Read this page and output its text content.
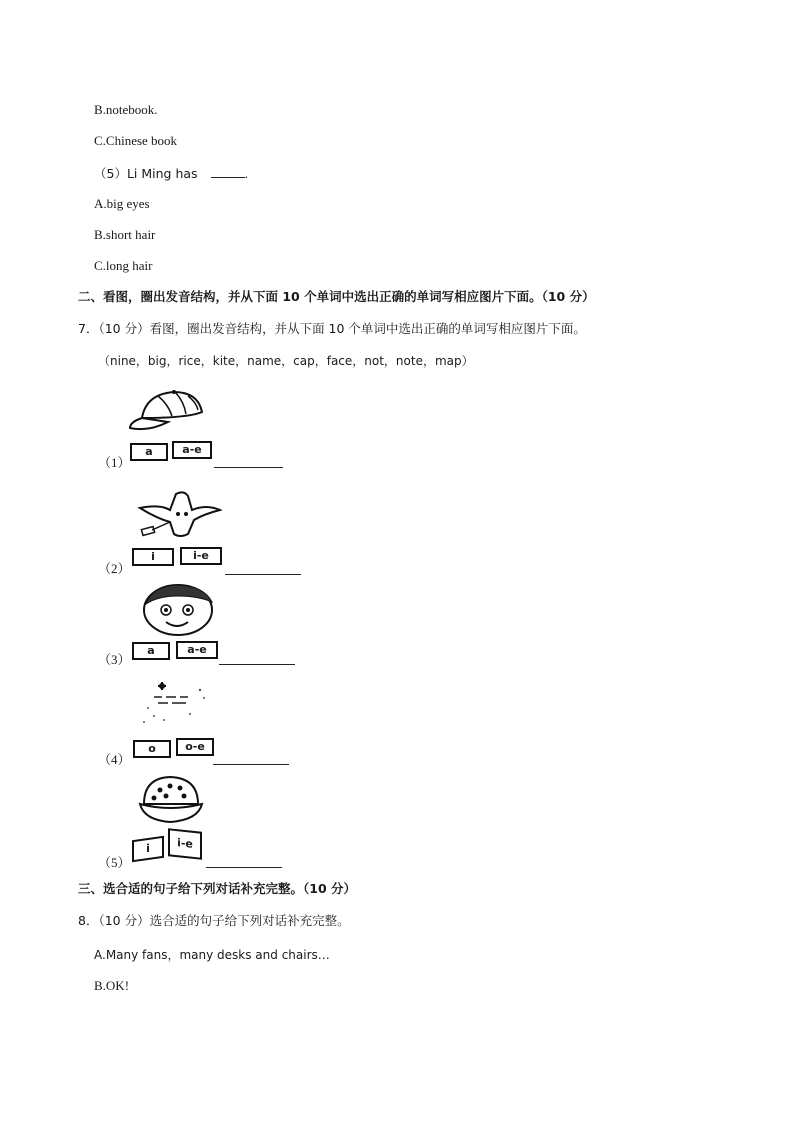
B.notebook.
C.Chinese book
（5）Li Ming has	.
A.big eyes
B.short hair
C.long hair
二、看图，圈出发音结构，并从下面 10 个单词中选出正确的单词写相应图片下面。（10 分）
7．（10 分）看图，圈出发音结构，并从下面 10 个单词中选出正确的单词写相应图片下面。
（nine，big，rice，kite，name，cap，face，not，note，map）
a	a-e
（1）
i	i-e
（2）
a	a-e
（3）
o	o-e
（4）
i	i-e
（5）
三、选合适的句子给下列对话补充完整。（10 分）
8．（10 分）选合适的句子给下列对话补充完整。
A.Many fans，many desks and chairs…
B.OK!
